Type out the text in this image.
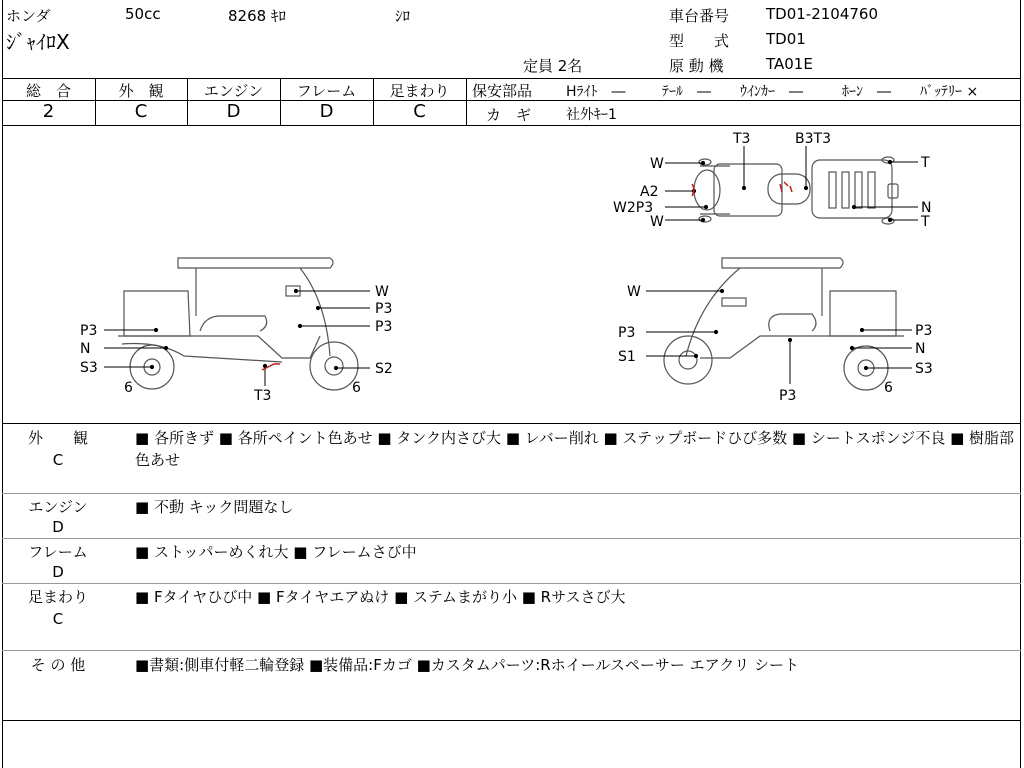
ホンダ	50cc	8268 ｷﾛ	ｼﾛ
ｼﾞｬｲﾛX
定員 2名
車台番号 TD01-2104760
型　　式 TD01
原 動 機	TA01E
総　合	外　観	エンジン	フレーム	足まわり
2	C	D	D	C
保安部品 Hﾗｲﾄ　―	ﾃｰﾙ　― ｳｲﾝｶｰ　―	ﾎｰﾝ　― ﾊﾞｯﾃﾘｰ ×
カ　ギ 社外ｷｰ1
T3	B3T3
W
A2
W2P3
W
T
N
T
W
P3
P3
P3
N
S3
6	T3	6
S2
W
P3
S1
P3
P3
N
S3
6
外　　観
C
■ 各所きず ■ 各所ペイント色あせ ■ タンク内さび大 ■ レバー削れ ■ ステップボードひび多数 ■ シートスポンジ不良 ■ 樹脂部色あせ
エンジン
D
■ 不動 キック問題なし
フレーム
D
■ ストッパーめくれ大 ■ フレームさび中
足まわり
C
■ Fタイヤひび中 ■ Fタイヤエアぬけ ■ ステムまがり小 ■ Rサスさび大
そ の 他	■書類:側車付軽二輪登録 ■装備品:Fカゴ ■カスタムパーツ:Rホイールスペーサー エアクリ シート
